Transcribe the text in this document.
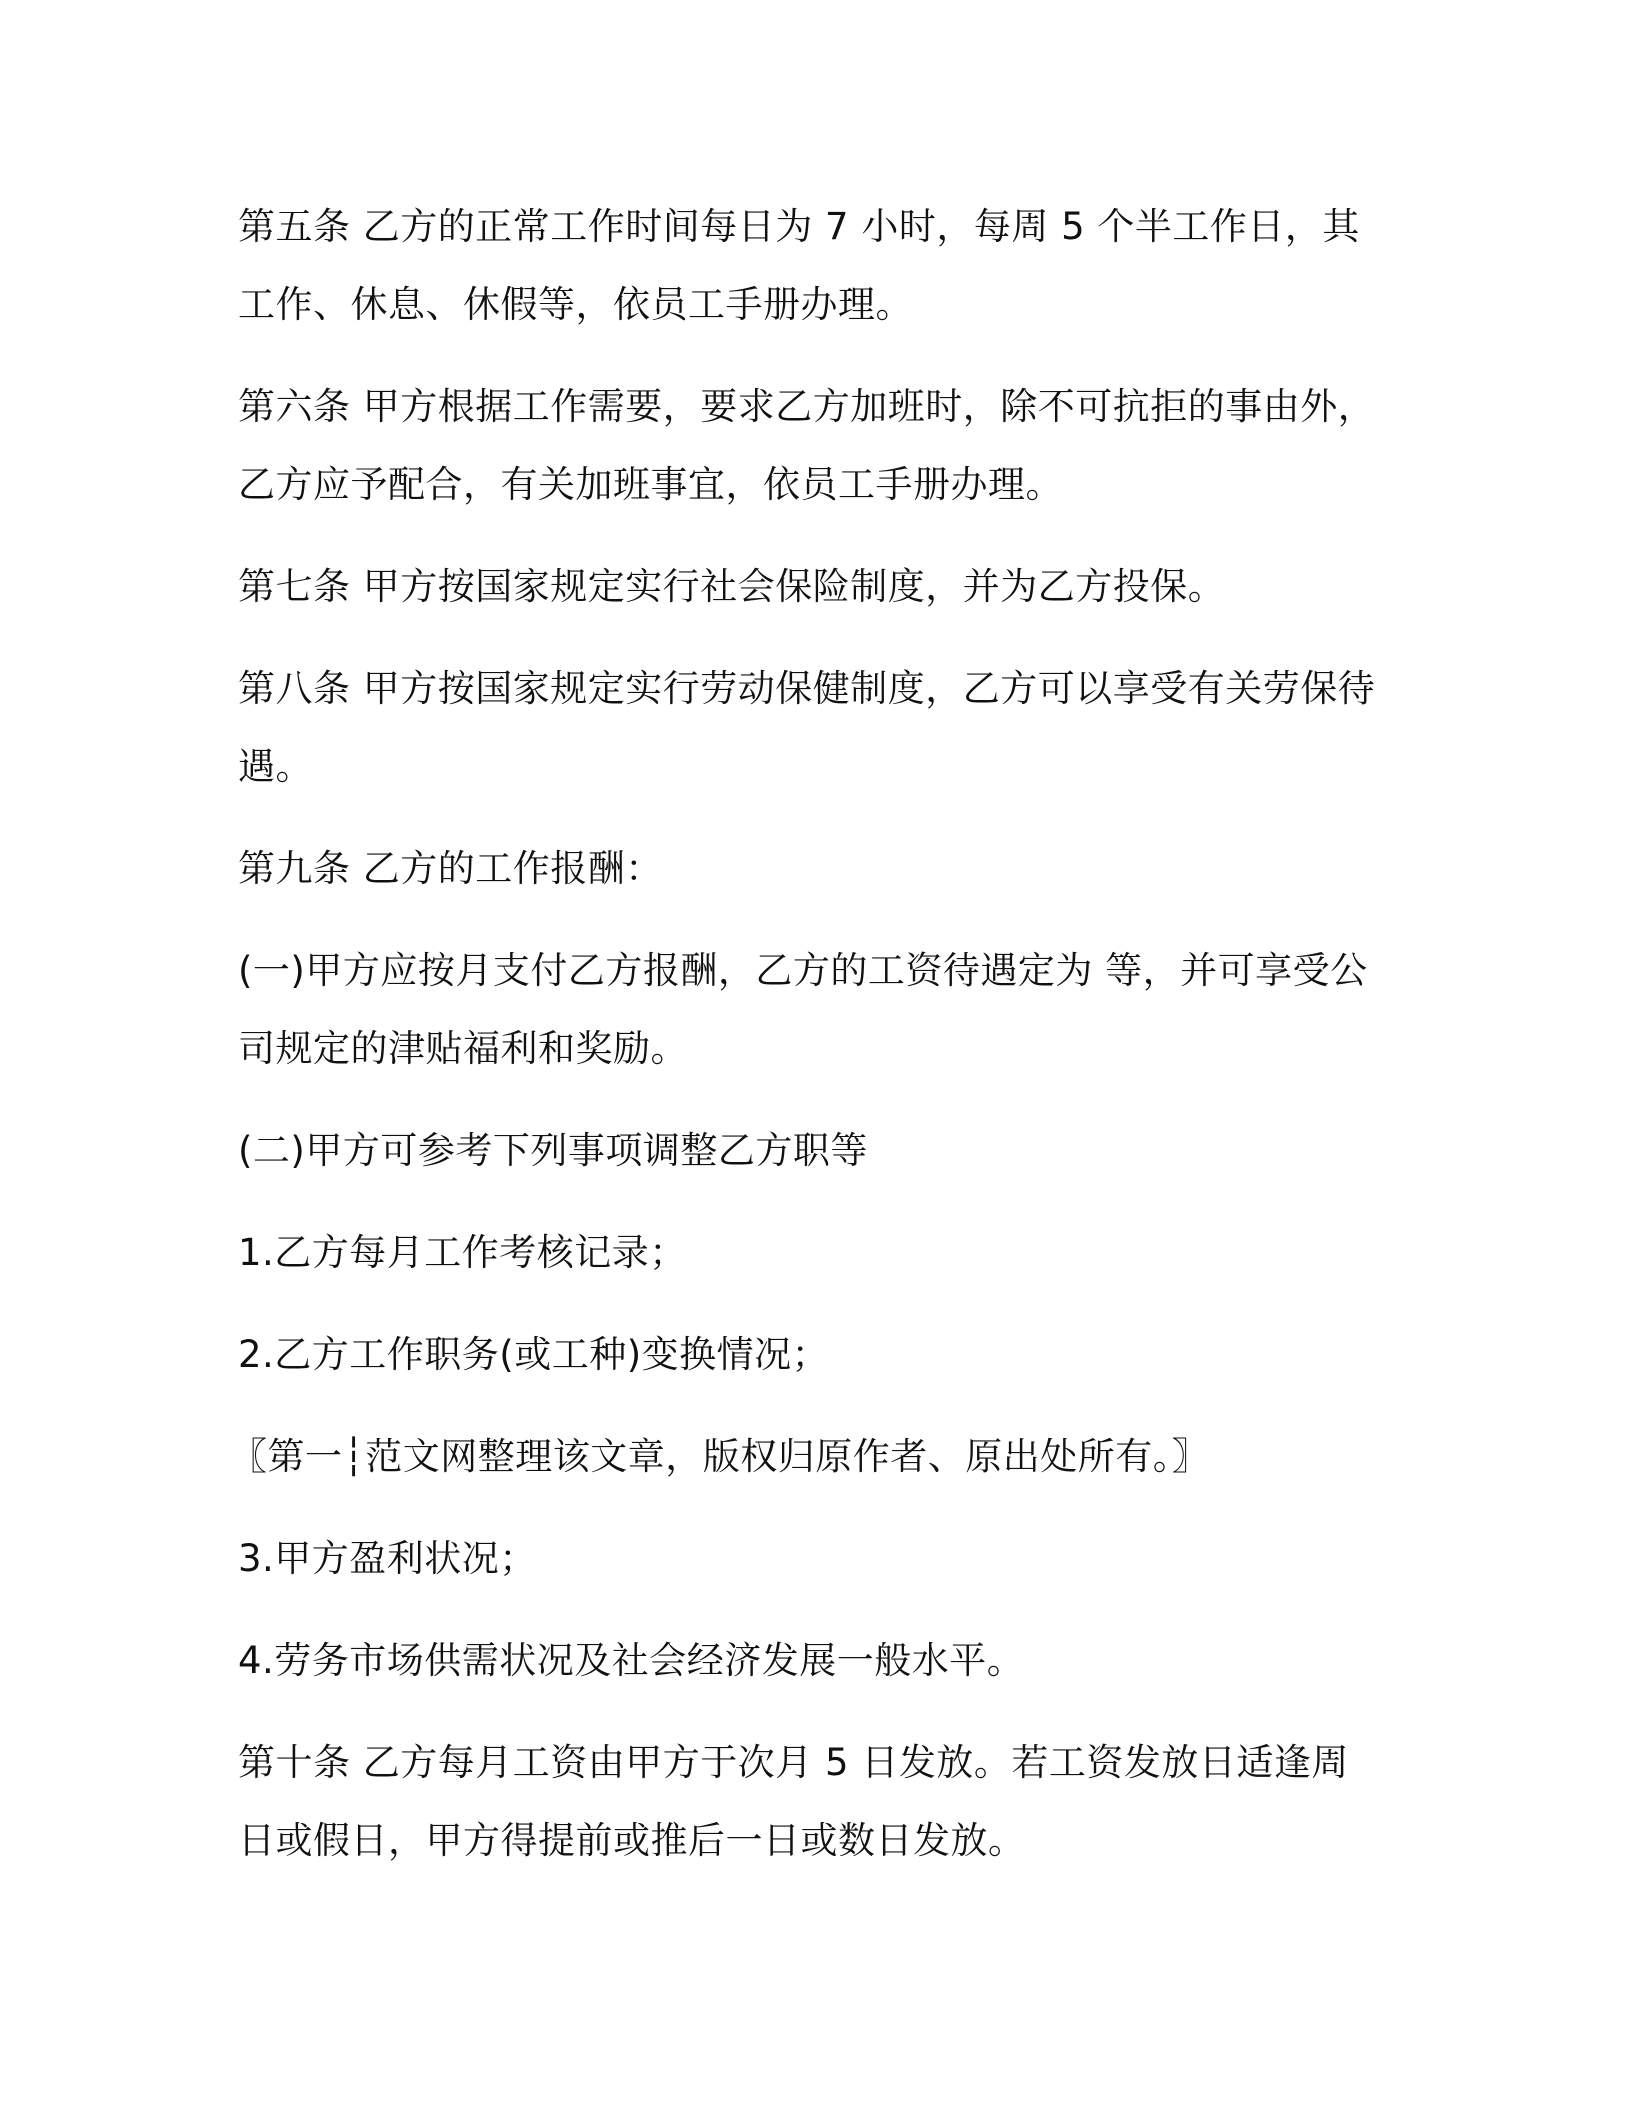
第五条 乙方的正常工作时间每日为 7 小时，每周 5 个半工作日，其工作、休息、休假等，依员工手册办理。

第六条 甲方根据工作需要，要求乙方加班时，除不可抗拒的事由外，乙方应予配合，有关加班事宜，依员工手册办理。

第七条 甲方按国家规定实行社会保险制度，并为乙方投保。

第八条 甲方按国家规定实行劳动保健制度，乙方可以享受有关劳保待遇。

第九条 乙方的工作报酬：

(一)甲方应按月支付乙方报酬，乙方的工资待遇定为 等，并可享受公司规定的津贴福利和奖励。

(二)甲方可参考下列事项调整乙方职等

1.乙方每月工作考核记录；

2.乙方工作职务(或工种)变换情况；

〖第一┆范文网整理该文章，版权归原作者、原出处所有。〗

3.甲方盈利状况；

4.劳务市场供需状况及社会经济发展一般水平。

第十条 乙方每月工资由甲方于次月 5 日发放。若工资发放日适逢周日或假日，甲方得提前或推后一日或数日发放。
